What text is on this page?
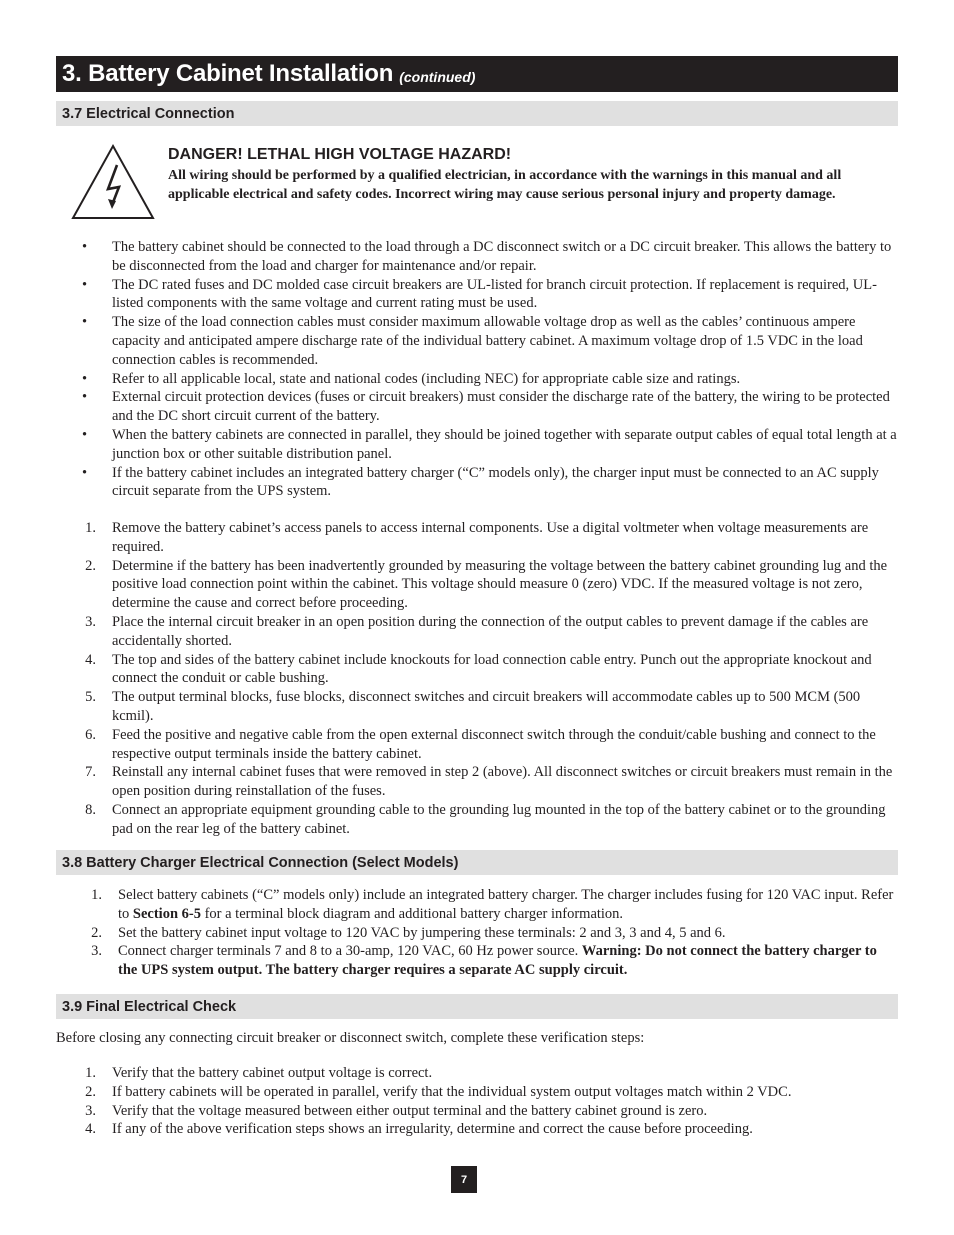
3. Battery Cabinet Installation (continued)
3.7 Electrical Connection
DANGER! LETHAL HIGH VOLTAGE HAZARD!
All wiring should be performed by a qualified electrician, in accordance with the warnings in this manual and all applicable electrical and safety codes. Incorrect wiring may cause serious personal injury and property damage.
•	The battery cabinet should be connected to the load through a DC disconnect switch or a DC circuit breaker. This allows the battery to be disconnected from the load and charger for maintenance and/or repair.
•	The DC rated fuses and DC molded case circuit breakers are UL-listed for branch circuit protection. If replacement is required, UL-listed components with the same voltage and current rating must be used.
•	The size of the load connection cables must consider maximum allowable voltage drop as well as the cables’ continuous ampere capacity and anticipated ampere discharge rate of the individual battery cabinet. A maximum voltage drop of 1.5 VDC in the load connection cables is recommended.
•	Refer to all applicable local, state and national codes (including NEC) for appropriate cable size and ratings.
•	External circuit protection devices (fuses or circuit breakers) must consider the discharge rate of the battery, the wiring to be protected and the DC short circuit current of the battery.
•	When the battery cabinets are connected in parallel, they should be joined together with separate output cables of equal total length at a junction box or other suitable distribution panel.
•	If the battery cabinet includes an integrated battery charger (“C” models only), the charger input must be connected to an AC supply circuit separate from the UPS system.
1. Remove the battery cabinet’s access panels to access internal components. Use a digital voltmeter when voltage measurements are required.
2. Determine if the battery has been inadvertently grounded by measuring the voltage between the battery cabinet grounding lug and the positive load connection point within the cabinet. This voltage should measure 0 (zero) VDC. If the measured voltage is not zero, determine the cause and correct before proceeding.
3. Place the internal circuit breaker in an open position during the connection of the output cables to prevent damage if the cables are accidentally shorted.
4. The top and sides of the battery cabinet include knockouts for load connection cable entry. Punch out the appropriate knockout and connect the conduit or cable bushing.
5. The output terminal blocks, fuse blocks, disconnect switches and circuit breakers will accommodate cables up to 500 MCM (500 kcmil).
6. Feed the positive and negative cable from the open external disconnect switch through the conduit/cable bushing and connect to the respective output terminals inside the battery cabinet.
7. Reinstall any internal cabinet fuses that were removed in step 2 (above). All disconnect switches or circuit breakers must remain in the open position during reinstallation of the fuses.
8. Connect an appropriate equipment grounding cable to the grounding lug mounted in the top of the battery cabinet or to the grounding pad on the rear leg of the battery cabinet.
3.8 Battery Charger Electrical Connection (Select Models)
1. Select battery cabinets (“C” models only) include an integrated battery charger. The charger includes fusing for 120 VAC input. Refer to Section 6-5 for a terminal block diagram and additional battery charger information.
2. Set the battery cabinet input voltage to 120 VAC by jumpering these terminals: 2 and 3, 3 and 4, 5 and 6.
3. Connect charger terminals 7 and 8 to a 30-amp, 120 VAC, 60 Hz power source. Warning: Do not connect the battery charger to the UPS system output. The battery charger requires a separate AC supply circuit.
3.9 Final Electrical Check
Before closing any connecting circuit breaker or disconnect switch, complete these verification steps:
1. Verify that the battery cabinet output voltage is correct.
2. If battery cabinets will be operated in parallel, verify that the individual system output voltages match within 2 VDC.
3. Verify that the voltage measured between either output terminal and the battery cabinet ground is zero.
4. If any of the above verification steps shows an irregularity, determine and correct the cause before proceeding.
7
